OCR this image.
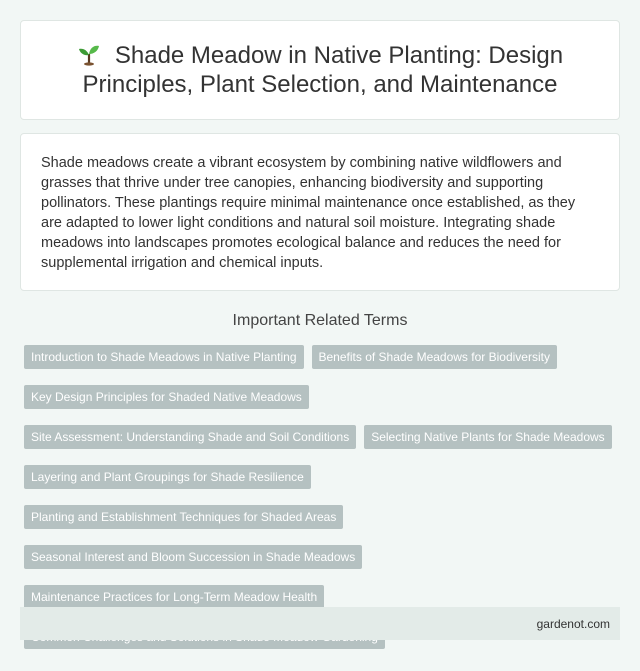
Shade Meadow in Native Planting: Design Principles, Plant Selection, and Maintenance

Shade meadows create a vibrant ecosystem by combining native wildflowers and grasses that thrive under tree canopies, enhancing biodiversity and supporting pollinators. These plantings require minimal maintenance once established, as they are adapted to lower light conditions and natural soil moisture. Integrating shade meadows into landscapes promotes ecological balance and reduces the need for supplemental irrigation and chemical inputs.

Important Related Terms
Introduction to Shade Meadows in Native Planting	Benefits of Shade Meadows for Biodiversity
Key Design Principles for Shaded Native Meadows
Site Assessment: Understanding Shade and Soil Conditions	Selecting Native Plants for Shade Meadows
Layering and Plant Groupings for Shade Resilience
Planting and Establishment Techniques for Shaded Areas
Seasonal Interest and Bloom Succession in Shade Meadows
Maintenance Practices for Long-Term Meadow Health
gardenot.com
